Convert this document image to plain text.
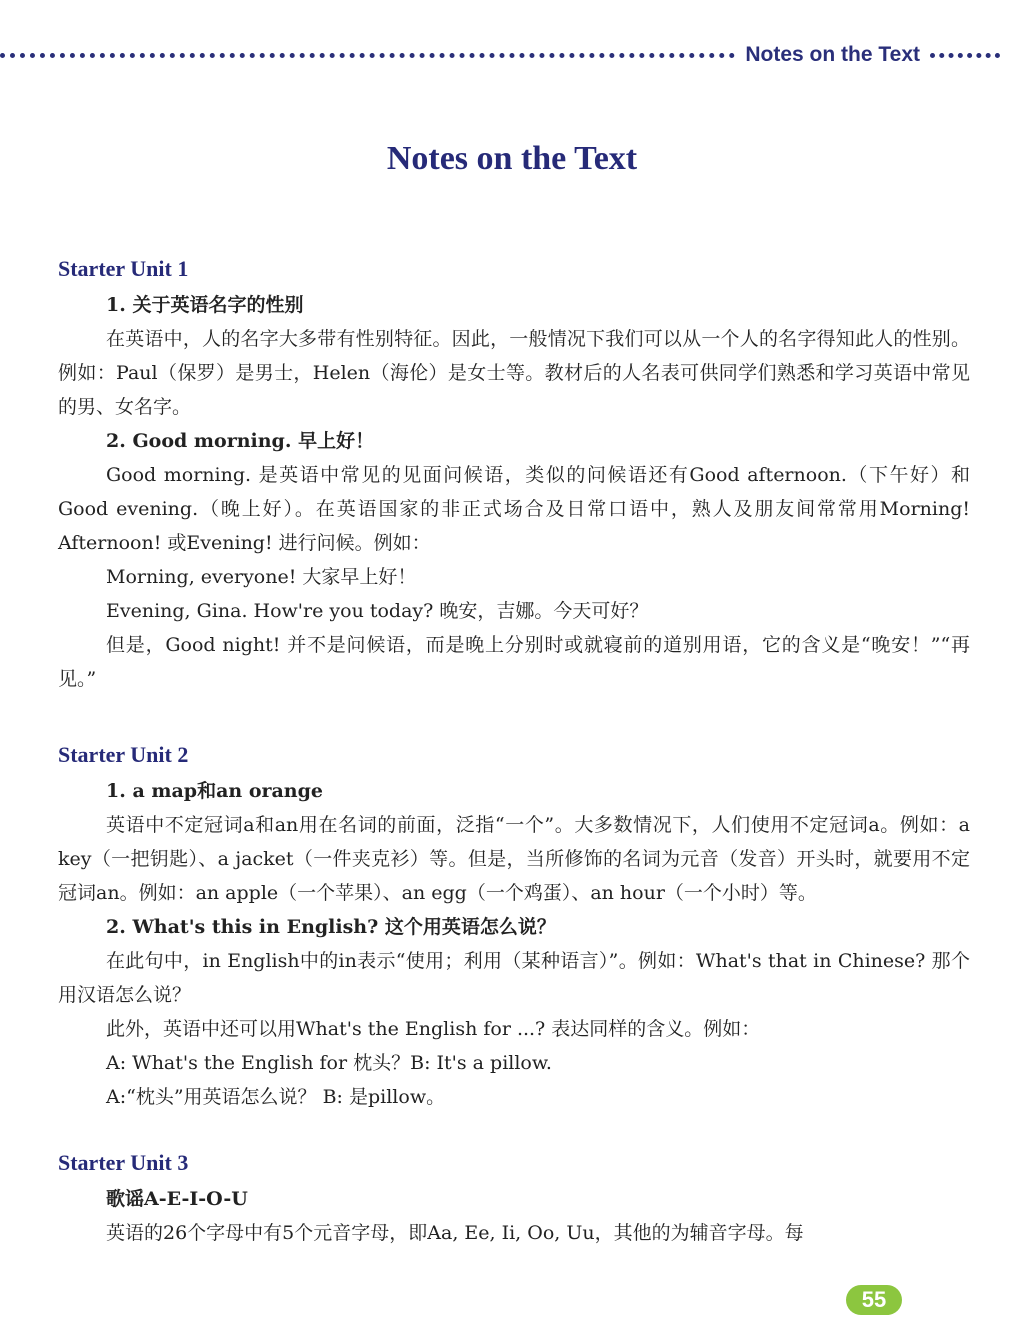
Notes on the Text
Notes on the Text
Starter Unit 1
1. 关于英语名字的性别

在英语中，人的名字大多带有性别特征。因此，一般情况下我们可以从一个人的名字得知此人的性别。例如：Paul（保罗）是男士，Helen（海伦）是女士等。教材后的人名表可供同学们熟悉和学习英语中常见的男、女名字。

2. Good morning. 早上好！

Good morning. 是英语中常见的见面问候语，类似的问候语还有Good afternoon.（下午好）和Good evening.（晚上好）。在英语国家的非正式场合及日常口语中，熟人及朋友间常常用Morning! Afternoon! 或Evening! 进行问候。例如：

Morning, everyone! 大家早上好！

Evening, Gina. How're you today? 晚安，吉娜。今天可好？

但是，Good night! 并不是问候语，而是晚上分别时或就寝前的道别用语，它的含义是“晚安！”“再见。”

Starter Unit 2
1. a map和an orange

英语中不定冠词a和an用在名词的前面，泛指“一个”。大多数情况下，人们使用不定冠词a。例如：a key（一把钥匙）、a jacket（一件夹克衫）等。但是，当所修饰的名词为元音（发音）开头时，就要用不定冠词an。例如：an apple（一个苹果）、an egg（一个鸡蛋）、an hour（一个小时）等。

2. What's this in English? 这个用英语怎么说？

在此句中，in English中的in表示“使用；利用（某种语言）”。例如：What's that in Chinese? 那个用汉语怎么说？

此外，英语中还可以用What's the English for ...? 表达同样的含义。例如：

A: What's the English for 枕头？B: It's a pillow.

A:“枕头”用英语怎么说？ B: 是pillow。

Starter Unit 3
歌谣A-E-I-O-U

英语的26个字母中有5个元音字母，即Aa, Ee, Ii, Oo, Uu，其他的为辅音字母。每

55
